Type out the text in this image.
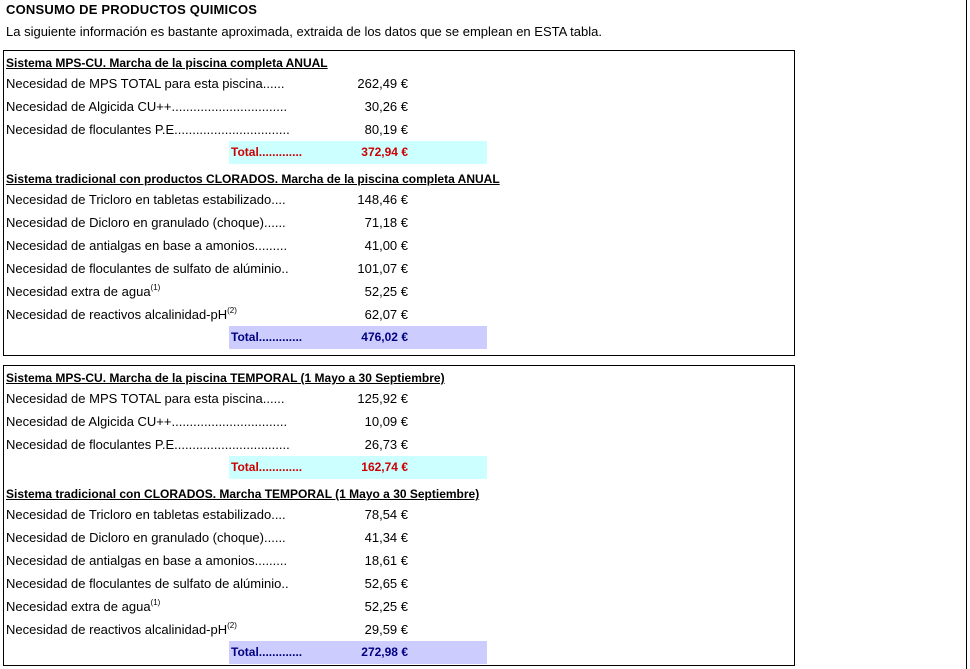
CONSUMO DE PRODUCTOS QUIMICOS
La siguiente información es bastante aproximada, extraida de los datos que se emplean en ESTA tabla.
Sistema MPS-CU. Marcha de la piscina completa ANUAL
Necesidad de MPS TOTAL para esta piscina......	262,49 €
Necesidad de Algicida CU++................................	30,26 €
Necesidad de floculantes P.E................................	80,19 €
Total.............	372,94 €
Sistema tradicional con productos CLORADOS. Marcha de la piscina completa ANUAL
Necesidad de Tricloro en tabletas estabilizado....	148,46 €
Necesidad de Dicloro en granulado (choque)......	71,18 €
Necesidad de antialgas en base a amonios.........	41,00 €
Necesidad de floculantes de sulfato de alúminio..	101,07 €
Necesidad extra de agua$^{(1)}$	52,25 €
Necesidad de reactivos alcalinidad-$pH^{(2)}$	62,07 €
Total.............	476,02 €
Sistema MPS-CU. Marcha de la piscina TEMPORAL (1 Mayo a 30 Septiembre)
Necesidad de MPS TOTAL para esta piscina......	125,92 €
Necesidad de Algicida CU++................................	10,09 €
Necesidad de floculantes P.E................................	26,73 €
Total.............	162,74 €
Sistema tradicional con CLORADOS. Marcha TEMPORAL (1 Mayo a 30 Septiembre)
Necesidad de Tricloro en tabletas estabilizado....	78,54 €
Necesidad de Dicloro en granulado (choque)......	41,34 €
Necesidad de antialgas en base a amonios.........	18,61 €
Necesidad de floculantes de sulfato de alúminio..	52,65 €
Necesidad extra de agua$^{(1)}$	52,25 €
Necesidad de reactivos alcalinidad-$pH^{(2)}$	29,59 €
Total.............	272,98 €
